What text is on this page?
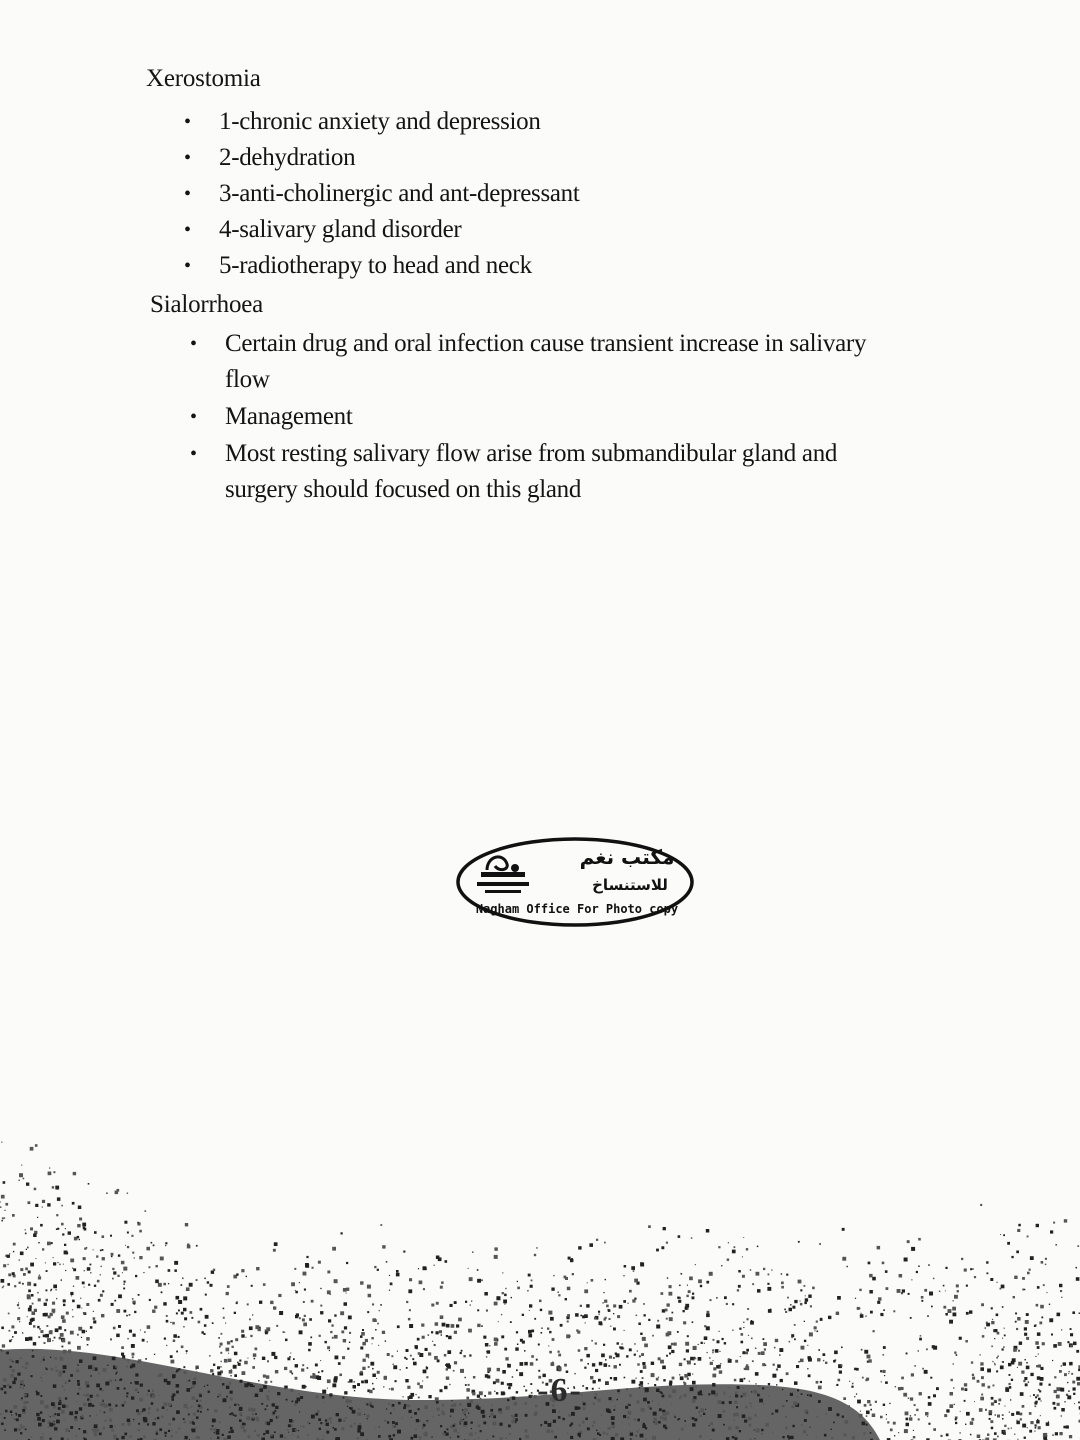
Xerostomia
• 1-chronic anxiety and depression
• 2-dehydration
• 3-anti-cholinergic and ant-depressant
• 4-salivary gland disorder
• 5-radiotherapy to head and neck
Sialorrhoea
• Certain drug and oral infection cause transient increase in salivary flow
• Management
• Most resting salivary flow arise from submandibular gland and surgery should focused on this gland
مكتب نغم
للاستنساخ
Nagham Office For Photo copy
-6-
